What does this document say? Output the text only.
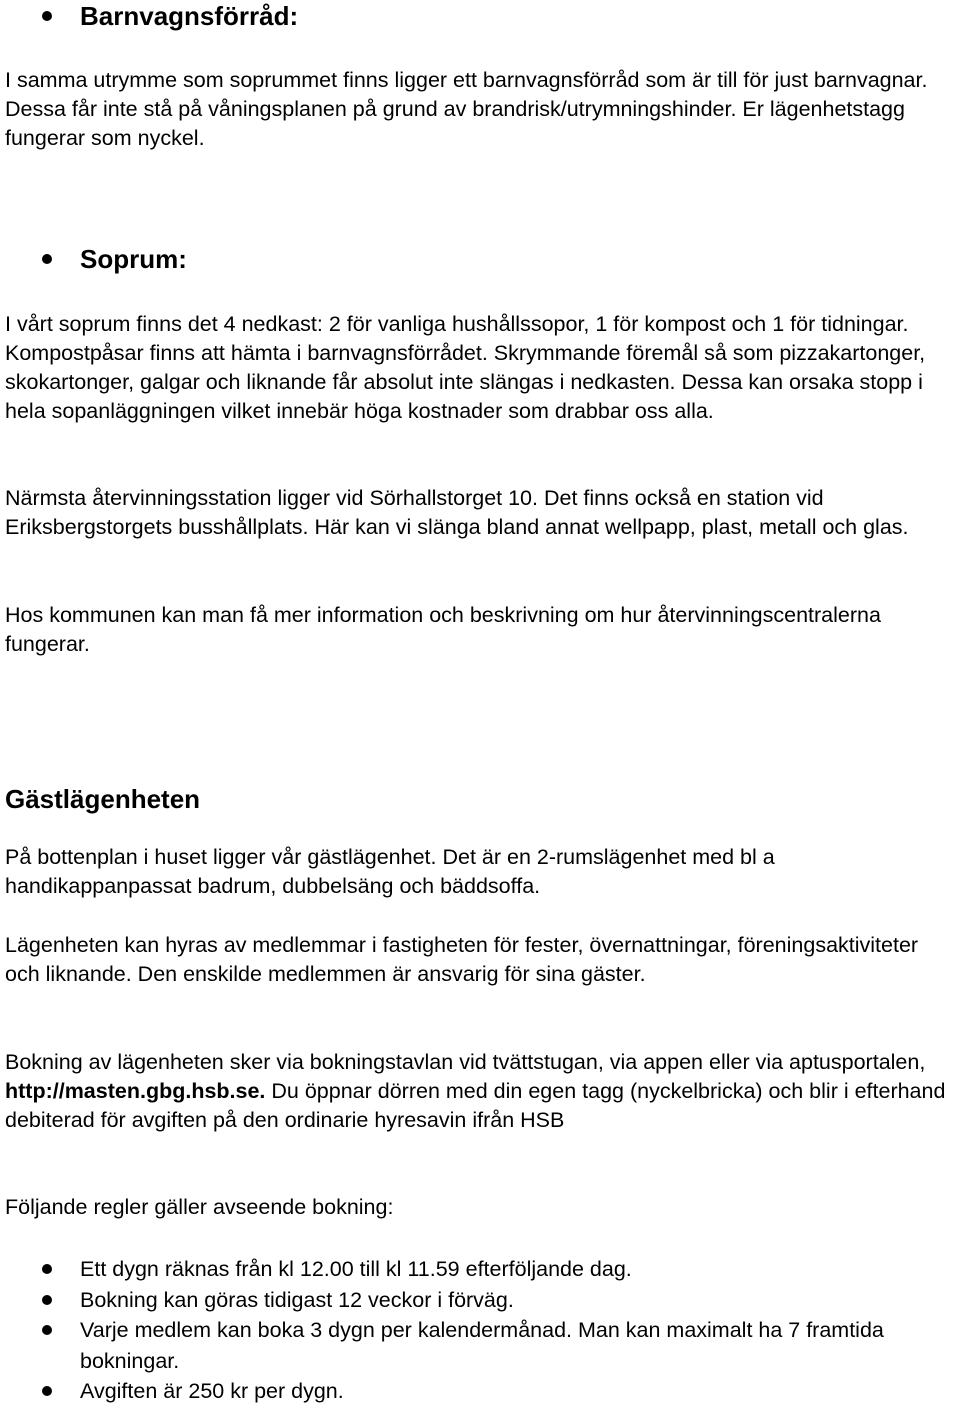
Barnvagnsförråd:

I samma utrymme som soprummet finns ligger ett barnvagnsförråd som är till för just barnvagnar. Dessa får inte stå på våningsplanen på grund av brandrisk/utrymningshinder. Er lägenhetstagg fungerar som nyckel.

Soprum:

I vårt soprum finns det 4 nedkast: 2 för vanliga hushållssopor, 1 för kompost och 1 för tidningar. Kompostpåsar finns att hämta i barnvagnsförrådet. Skrymmande föremål så som pizzakartonger, skokartonger, galgar och liknande får absolut inte slängas i nedkasten. Dessa kan orsaka stopp i hela sopanläggningen vilket innebär höga kostnader som drabbar oss alla.

Närmsta återvinningsstation ligger vid Sörhallstorget 10. Det finns också en station vid Eriksbergstorgets busshållplats. Här kan vi slänga bland annat wellpapp, plast, metall och glas.

Hos kommunen kan man få mer information och beskrivning om hur återvinningscentralerna fungerar.

Gästlägenheten

På bottenplan i huset ligger vår gästlägenhet. Det är en 2-rumslägenhet med bl a handikappanpassat badrum, dubbelsäng och bäddsoffa.

Lägenheten kan hyras av medlemmar i fastigheten för fester, övernattningar, föreningsaktiviteter och liknande. Den enskilde medlemmen är ansvarig för sina gäster.

Bokning av lägenheten sker via bokningstavlan vid tvättstugan, via appen eller via aptusportalen, http://masten.gbg.hsb.se. Du öppnar dörren med din egen tagg (nyckelbricka) och blir i efterhand debiterad för avgiften på den ordinarie hyresavin ifrån HSB

Följande regler gäller avseende bokning:

Ett dygn räknas från kl 12.00 till kl 11.59 efterföljande dag.
Bokning kan göras tidigast 12 veckor i förväg.
Varje medlem kan boka 3 dygn per kalendermånad. Man kan maximalt ha 7 framtida bokningar.
Avgiften är 250 kr per dygn.
